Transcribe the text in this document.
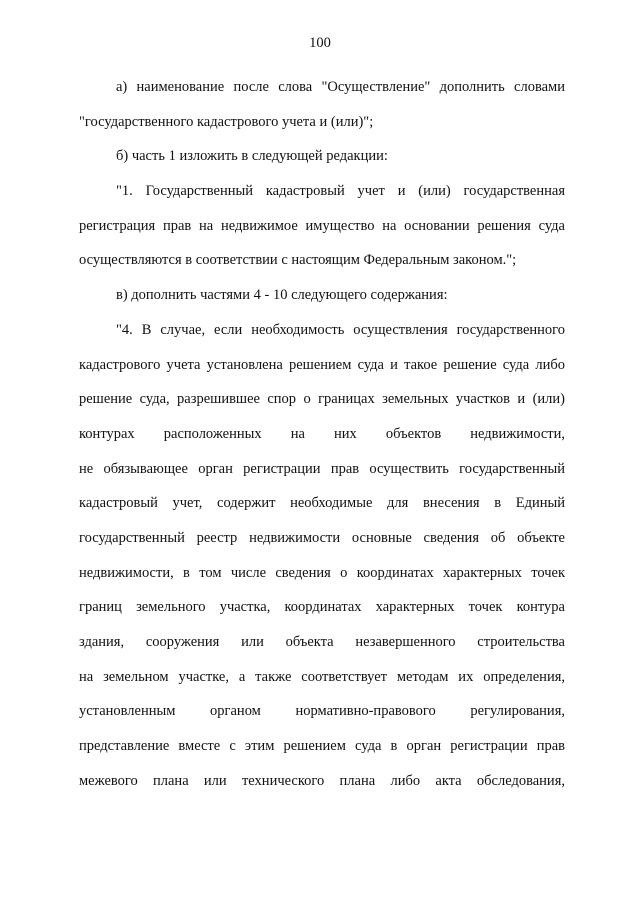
100
а) наименование после слова "Осуществление" дополнить словами
"государственного кадастрового учета и (или)";
б) часть 1 изложить в следующей редакции:
"1. Государственный кадастровый учет и (или) государственная
регистрация прав на недвижимое имущество на основании решения суда
осуществляются в соответствии с настоящим Федеральным законом.";
в) дополнить частями 4 - 10 следующего содержания:
"4. В случае, если необходимость осуществления государственного
кадастрового учета установлена решением суда и такое решение суда либо
решение суда, разрешившее спор о границах земельных участков и (или)
контурах расположенных на них объектов недвижимости,
не обязывающее орган регистрации прав осуществить государственный
кадастровый учет, содержит необходимые для внесения в Единый
государственный реестр недвижимости основные сведения об объекте
недвижимости, в том числе сведения о координатах характерных точек
границ земельного участка, координатах характерных точек контура
здания, сооружения или объекта незавершенного строительства
на земельном участке, а также соответствует методам их определения,
установленным органом нормативно-правового регулирования,
представление вместе с этим решением суда в орган регистрации прав
межевого плана или технического плана либо акта обследования,
